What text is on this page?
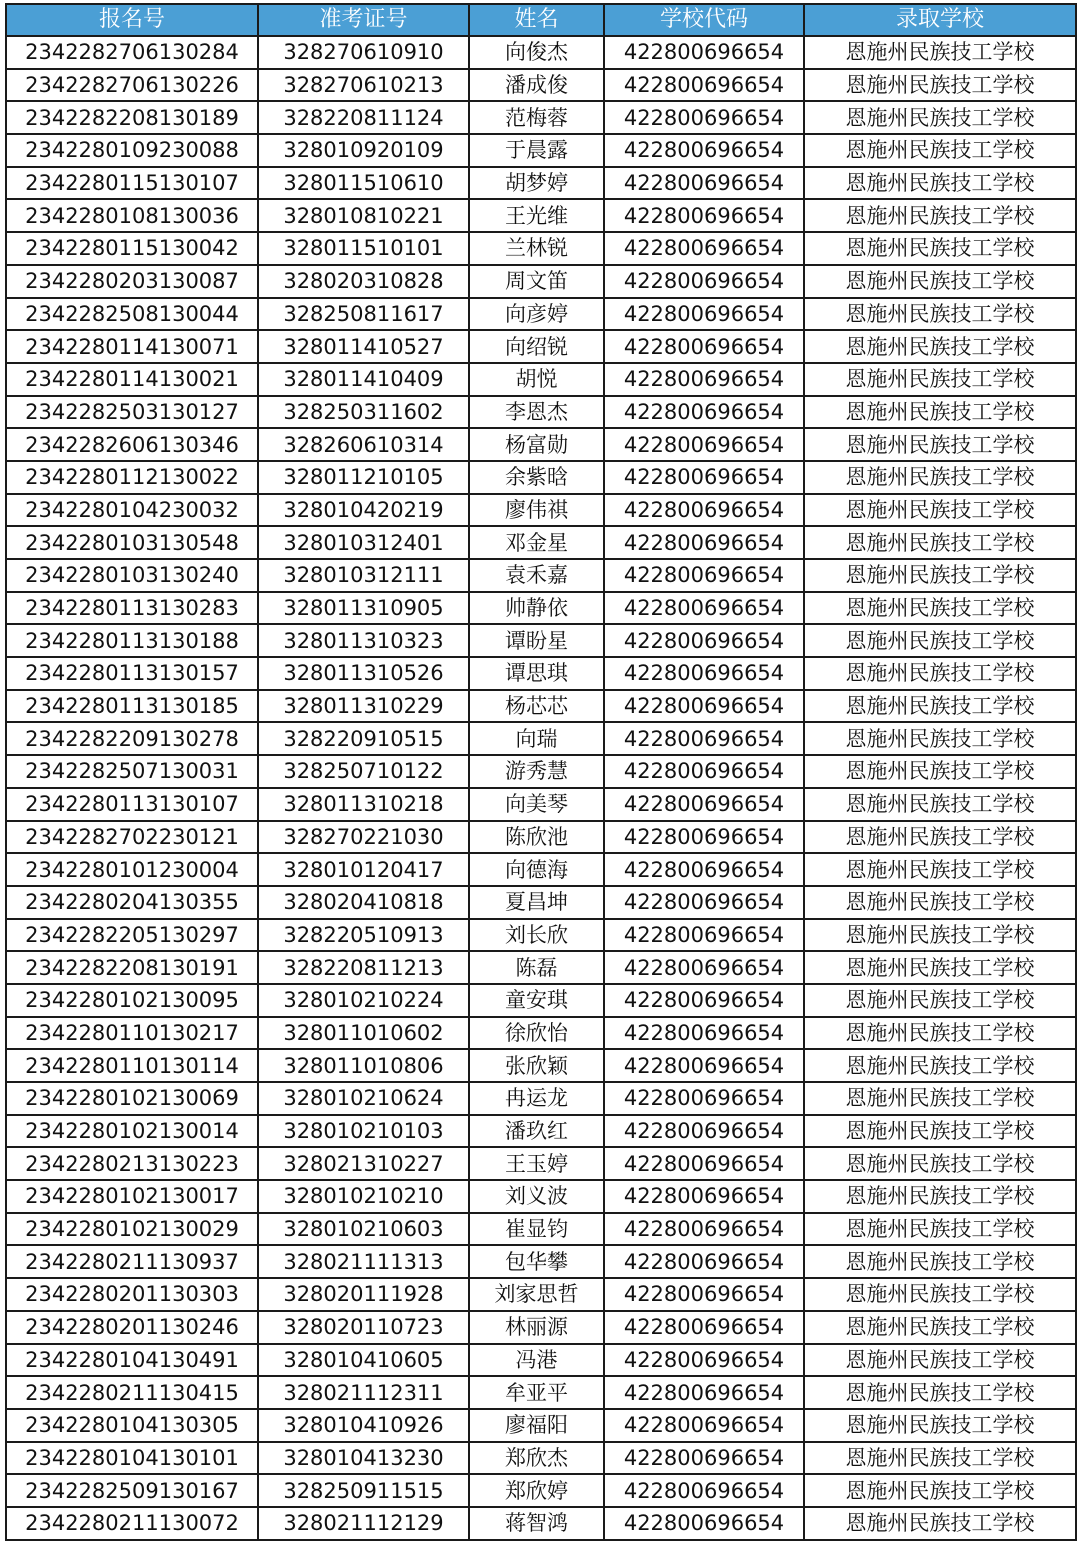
报名号	准考证号	姓名	学校代码	录取学校
2342282706130284	328270610910	向俊杰	422800696654	恩施州民族技工学校
2342282706130226	328270610213	潘成俊	422800696654	恩施州民族技工学校
2342282208130189	328220811124	范梅蓉	422800696654	恩施州民族技工学校
2342280109230088	328010920109	于晨露	422800696654	恩施州民族技工学校
2342280115130107	328011510610	胡梦婷	422800696654	恩施州民族技工学校
2342280108130036	328010810221	王光维	422800696654	恩施州民族技工学校
2342280115130042	328011510101	兰林锐	422800696654	恩施州民族技工学校
2342280203130087	328020310828	周文笛	422800696654	恩施州民族技工学校
2342282508130044	328250811617	向彦婷	422800696654	恩施州民族技工学校
2342280114130071	328011410527	向绍锐	422800696654	恩施州民族技工学校
2342280114130021	328011410409	胡悦	422800696654	恩施州民族技工学校
2342282503130127	328250311602	李恩杰	422800696654	恩施州民族技工学校
2342282606130346	328260610314	杨富勋	422800696654	恩施州民族技工学校
2342280112130022	328011210105	余紫晗	422800696654	恩施州民族技工学校
2342280104230032	328010420219	廖伟祺	422800696654	恩施州民族技工学校
2342280103130548	328010312401	邓金星	422800696654	恩施州民族技工学校
2342280103130240	328010312111	袁禾嘉	422800696654	恩施州民族技工学校
2342280113130283	328011310905	帅静依	422800696654	恩施州民族技工学校
2342280113130188	328011310323	谭盼星	422800696654	恩施州民族技工学校
2342280113130157	328011310526	谭思琪	422800696654	恩施州民族技工学校
2342280113130185	328011310229	杨芯芯	422800696654	恩施州民族技工学校
2342282209130278	328220910515	向瑞	422800696654	恩施州民族技工学校
2342282507130031	328250710122	游秀慧	422800696654	恩施州民族技工学校
2342280113130107	328011310218	向美琴	422800696654	恩施州民族技工学校
2342282702230121	328270221030	陈欣池	422800696654	恩施州民族技工学校
2342280101230004	328010120417	向德海	422800696654	恩施州民族技工学校
2342280204130355	328020410818	夏昌坤	422800696654	恩施州民族技工学校
2342282205130297	328220510913	刘长欣	422800696654	恩施州民族技工学校
2342282208130191	328220811213	陈磊	422800696654	恩施州民族技工学校
2342280102130095	328010210224	童安琪	422800696654	恩施州民族技工学校
2342280110130217	328011010602	徐欣怡	422800696654	恩施州民族技工学校
2342280110130114	328011010806	张欣颖	422800696654	恩施州民族技工学校
2342280102130069	328010210624	冉运龙	422800696654	恩施州民族技工学校
2342280102130014	328010210103	潘玖红	422800696654	恩施州民族技工学校
2342280213130223	328021310227	王玉婷	422800696654	恩施州民族技工学校
2342280102130017	328010210210	刘义波	422800696654	恩施州民族技工学校
2342280102130029	328010210603	崔显钧	422800696654	恩施州民族技工学校
2342280211130937	328021111313	包华攀	422800696654	恩施州民族技工学校
2342280201130303	328020111928	刘家思哲	422800696654	恩施州民族技工学校
2342280201130246	328020110723	林丽源	422800696654	恩施州民族技工学校
2342280104130491	328010410605	冯港	422800696654	恩施州民族技工学校
2342280211130415	328021112311	牟亚平	422800696654	恩施州民族技工学校
2342280104130305	328010410926	廖福阳	422800696654	恩施州民族技工学校
2342280104130101	328010413230	郑欣杰	422800696654	恩施州民族技工学校
2342282509130167	328250911515	郑欣婷	422800696654	恩施州民族技工学校
2342280211130072	328021112129	蒋智鸿	422800696654	恩施州民族技工学校
